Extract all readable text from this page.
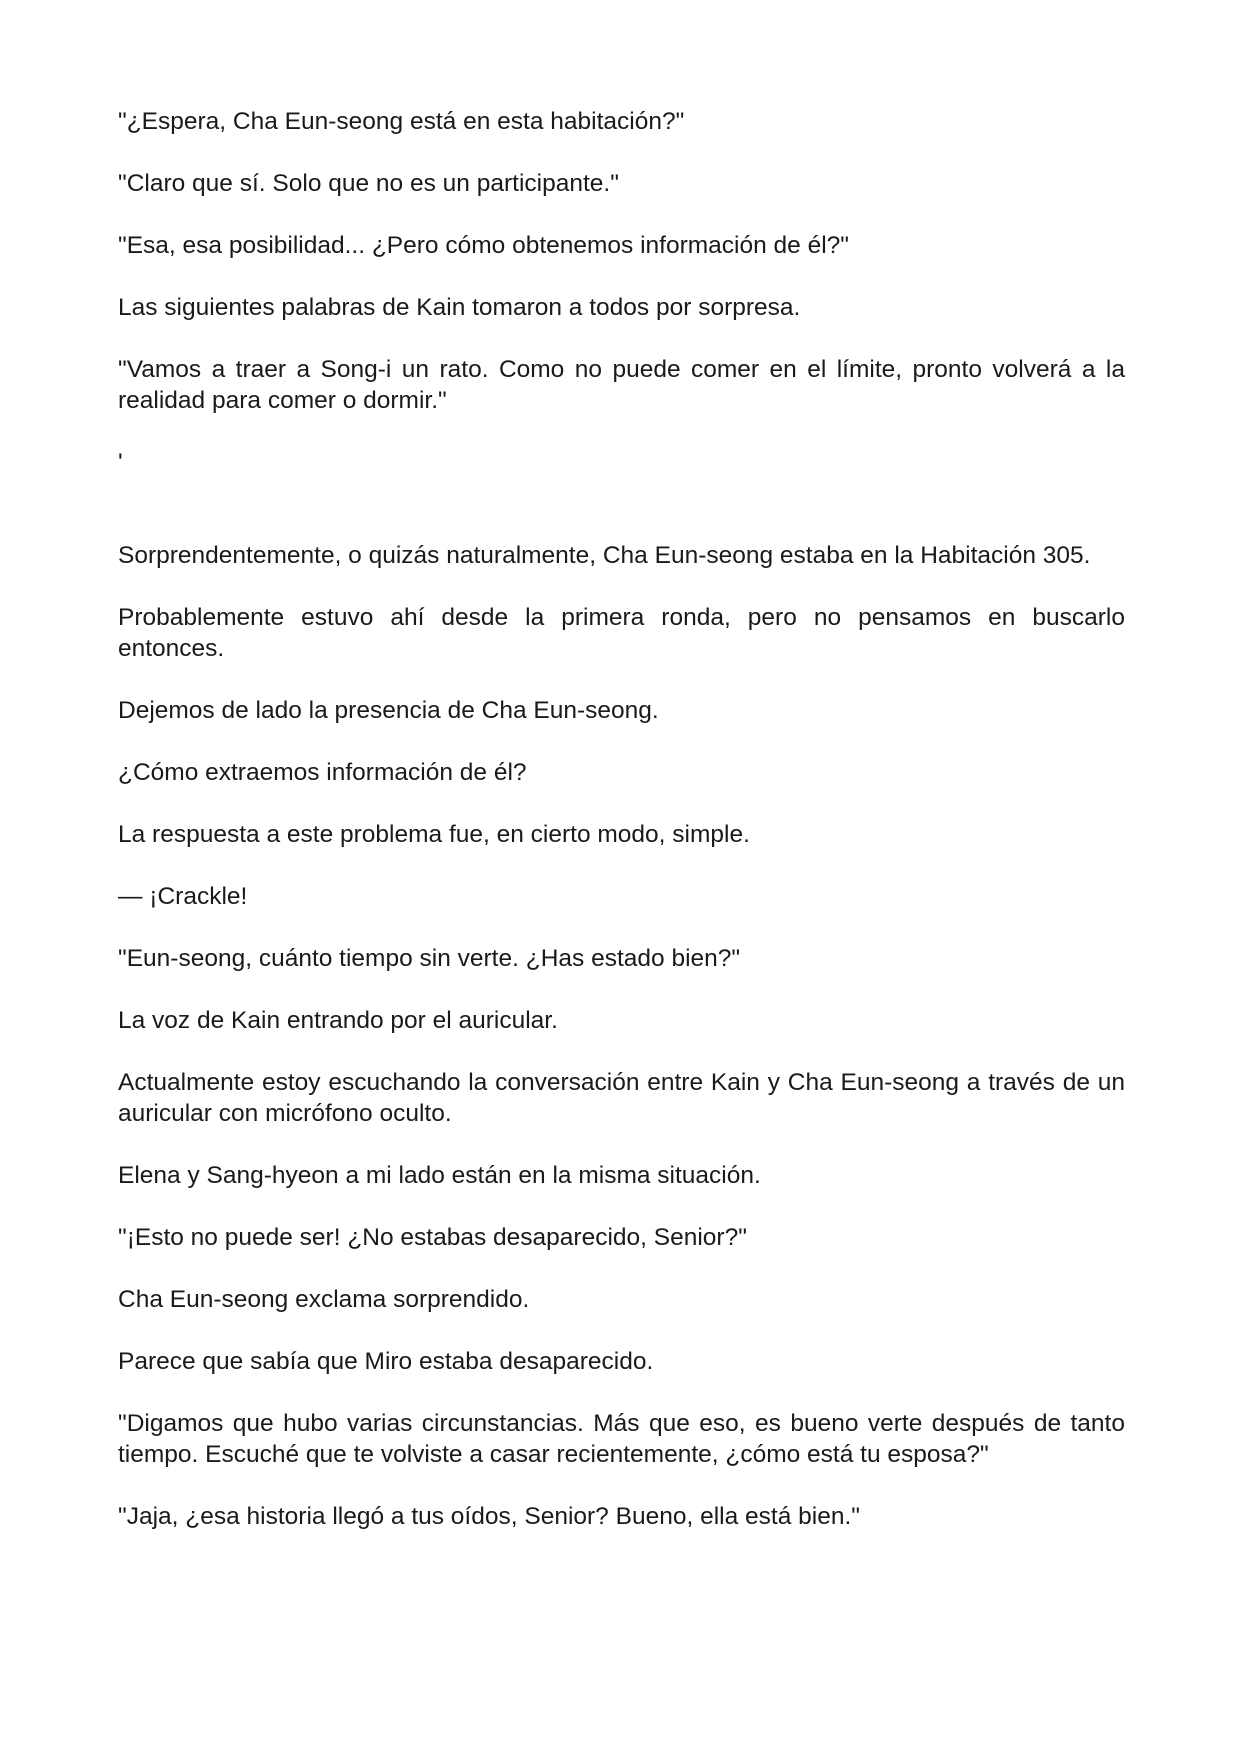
"¿Espera, Cha Eun-seong está en esta habitación?"

"Claro que sí. Solo que no es un participante."

"Esa, esa posibilidad... ¿Pero cómo obtenemos información de él?"

Las siguientes palabras de Kain tomaron a todos por sorpresa.

"Vamos a traer a Song-i un rato. Como no puede comer en el límite, pronto volverá a la realidad para comer o dormir."

'

Sorprendentemente, o quizás naturalmente, Cha Eun-seong estaba en la Habitación 305.

Probablemente estuvo ahí desde la primera ronda, pero no pensamos en buscarlo entonces.

Dejemos de lado la presencia de Cha Eun-seong.

¿Cómo extraemos información de él?

La respuesta a este problema fue, en cierto modo, simple.

— ¡Crackle!

"Eun-seong, cuánto tiempo sin verte. ¿Has estado bien?"

La voz de Kain entrando por el auricular.

Actualmente estoy escuchando la conversación entre Kain y Cha Eun-seong a través de un auricular con micrófono oculto.

Elena y Sang-hyeon a mi lado están en la misma situación.

"¡Esto no puede ser! ¿No estabas desaparecido, Senior?"

Cha Eun-seong exclama sorprendido.

Parece que sabía que Miro estaba desaparecido.

"Digamos que hubo varias circunstancias. Más que eso, es bueno verte después de tanto tiempo. Escuché que te volviste a casar recientemente, ¿cómo está tu esposa?"

"Jaja, ¿esa historia llegó a tus oídos, Senior? Bueno, ella está bien."
